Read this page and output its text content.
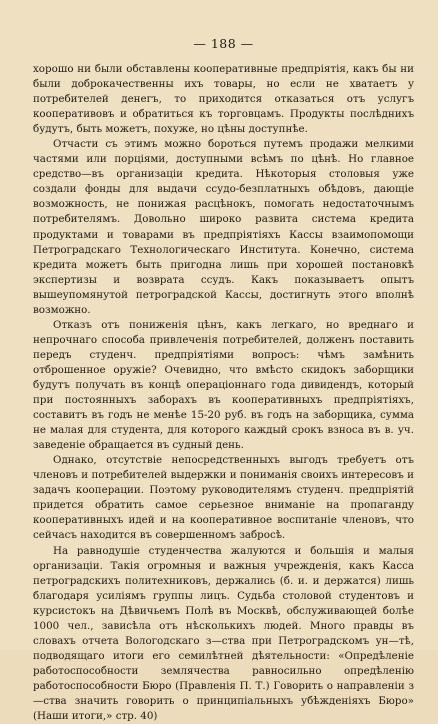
— 188 —

хорошо ни были обставлены кооперативные предпріятія, какъ бы ни были доброкачественны ихъ товары, но если не хватаетъ у потребителей денегъ, то приходится отказаться отъ услугъ кооперативовъ и обратиться къ торговцамъ. Продукты послѣднихъ будутъ, быть можетъ, похуже, но цѣны доступнѣе.

Отчасти съ этимъ можно бороться путемъ продажи мелкими частями или порціями, доступными всѣмъ по цѣнѣ. Но главное средство—въ организаціи кредита. Нѣкоторыя столовыя уже создали фонды для выдачи ссудо-безплатныхъ обѣдовъ, дающіе возможность, не понижая расцѣнокъ, помогать недостаточнымъ потребителямъ. Довольно широко развита система кредита продуктами и товарами въ предпріятіяхъ Кассы взаимопомощи Петроградскаго Технологическаго Института. Конечно, система кредита можетъ быть пригодна лишь при хорошей постановкѣ экспертизы и возврата ссудъ. Какъ показываетъ опытъ вышеупомянутой петроградской Кассы, достигнуть этого вполнѣ возможно.

Отказъ отъ пониженія цѣнъ, какъ легкаго, но вреднаго и непрочнаго способа привлеченія потребителей, долженъ поставить передъ студенч. предпріятіями вопросъ: чѣмъ замѣнить отброшенное оружіе? Очевидно, что вмѣсто скидокъ заборщики будутъ получать въ концѣ операціоннаго года дивидендъ, который при постоянныхъ заборахъ въ кооперативныхъ предпріятіяхъ, составитъ въ годъ не менѣе 15-20 руб. въ годъ на заборщика, сумма не малая для студента, для которого каждый срокъ взноса въ в. уч. заведеніе обращается въ судный день.

Однако, отсутствіе непосредственныхъ выгодъ требуетъ отъ членовъ и потребителей выдержки и пониманія своихъ интересовъ и задачъ кооперации. Поэтому руководителямъ студенч. предпріятій придется обратить самое серьезное вниманіе на пропаганду кооперативныхъ идей и на кооперативное воспитаніе членовъ, что сейчасъ находится въ совершенномъ забросѣ.

На равнодушіе студенчества жалуются и большія и малыя организаціи. Такія огромныя и важныя учрежденія, какъ Касса петроградскихъ политехниковъ, держались (б. и. и держатся) лишь благодаря усиліямъ группы лицъ. Судьба столовой студентовъ и курсистокъ на Дѣвичьемъ Полѣ въ Москвѣ, обслуживающей болѣе 1000 чел., зависѣла отъ нѣсколькихъ людей. Много правды въ словахъ отчета Вологодскаго з—ства при Петроградскомъ ун—тѣ, подводящаго итоги его семилѣтней дѣятельности: «Опредѣленіе работоспособности землячества равносильно опредѣленію работоспособности Бюро (Правленія П. Т.) Говорить о направленіи з—ства значить говорить о принципіальныхъ убѣжденіяхъ Бюро» (Наши итоги,» стр. 40)
